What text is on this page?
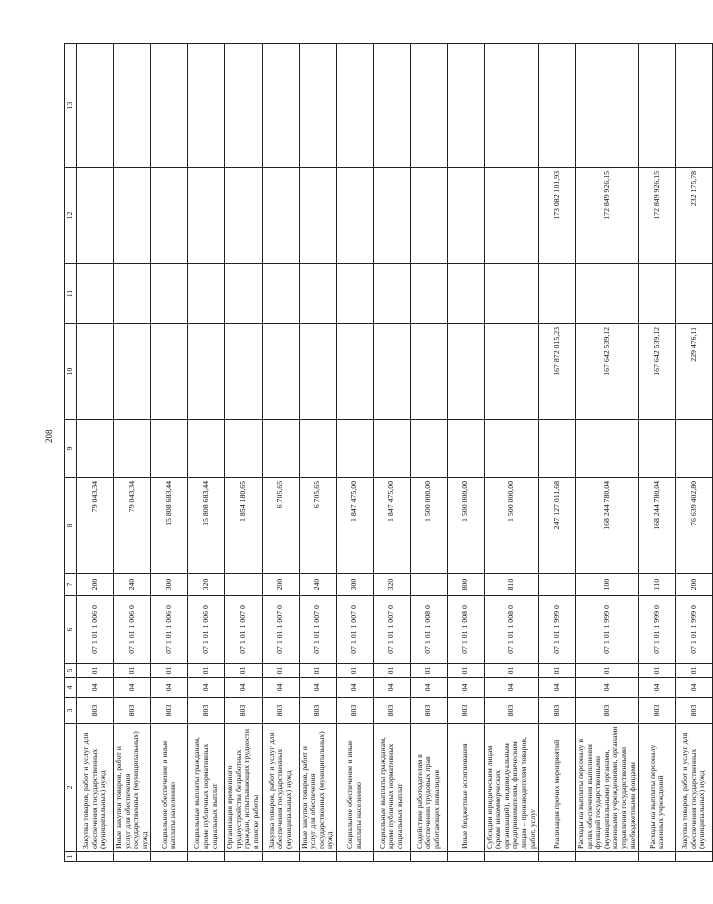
208
1	2	3	4	5	6	7	8	9	10	11	12	13
	Закупка товаров, работ и услуг для обеспечения государственных (муниципальных) нужд	803	04	01	07 1 01 1 006 0	200	79 043,34					
	Иные закупки товаров, работ и услуг для обеспечения государственных (муниципальных) нужд	803	04	01	07 1 01 1 006 0	240	79 043,34					
	Социальное обеспечение и иные выплаты населению	803	04	01	07 1 01 1 006 0	300	15 808 683,44					
	Социальные выплаты гражданам, кроме публичных нормативных социальных выплат	803	04	01	07 1 01 1 006 0	320	15 808 683,44					
	Организация временного трудоустройства безработных граждан, испытывающих трудности в поиске работы	803	04	01	07 1 01 1 007 0		1 854 180,65					
	Закупка товаров, работ и услуг для обеспечения государственных (муниципальных) нужд	803	04	01	07 1 01 1 007 0	200	6 705,65					
	Иные закупки товаров, работ и услуг для обеспечения государственных (муниципальных) нужд	803	04	01	07 1 01 1 007 0	240	6 705,65					
	Социальное обеспечение и иные выплаты населению	803	04	01	07 1 01 1 007 0	300	1 847 475,00					
	Социальные выплаты гражданам, кроме публичных нормативных социальных выплат	803	04	01	07 1 01 1 007 0	320	1 847 475,00					
	Содействие работодателям в обеспечении трудовых прав работающих инвалидов	803	04	01	07 1 01 1 008 0		1 500 000,00					
	Иные бюджетные ассигнования	803	04	01	07 1 01 1 008 0	800	1 500 000,00					
	Субсидии юридическим лицам (кроме некоммерческих организаций), индивидуальным предпринимателям, физическим лицам – производителям товаров, работ, услуг	803	04	01	07 1 01 1 008 0	810	1 500 000,00					
	Реализация прочих мероприятий	803	04	01	07 1 01 1 999 0		247 127 011,68		167 872 015,23		173 082 101,93	
	Расходы на выплаты персоналу в целях обеспечения выполнения функций государственными (муниципальными) органами, казенными учреждениями, органами управления государственными внебюджетными фондами	803	04	01	07 1 01 1 999 0	100	168 244 780,04		167 642 539,12		172 849 926,15	
	Расходы на выплаты персоналу казенных учреждений	803	04	01	07 1 01 1 999 0	110	168 244 780,04		167 642 539,12		172 849 926,15	
	Закупка товаров, работ и услуг для обеспечения государственных (муниципальных) нужд	803	04	01	07 1 01 1 999 0	200	76 639 402,80		229 476,11		232 175,78	
